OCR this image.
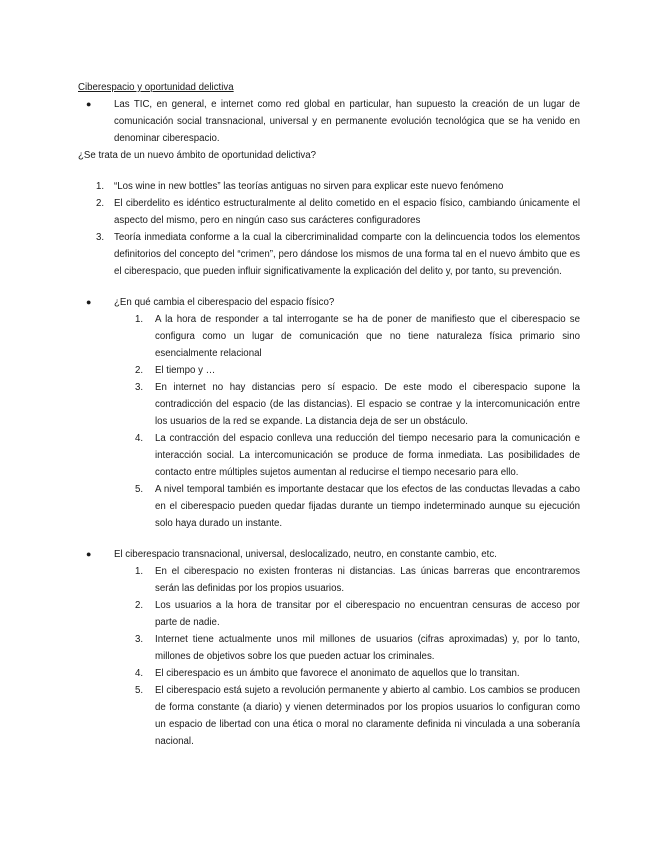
Ciberespacio y oportunidad delictiva

● Las TIC, en general, e internet como red global en particular, han supuesto la creación de un lugar de comunicación social transnacional, universal y en permanente evolución tecnológica que se ha venido en denominar ciberespacio.

¿Se trata de un nuevo ámbito de oportunidad delictiva?

1. “Los wine in new bottles” las teorías antiguas no sirven para explicar este nuevo fenómeno

2. El ciberdelito es idéntico estructuralmente al delito cometido en el espacio físico, cambiando únicamente el aspecto del mismo, pero en ningún caso sus carácteres configuradores

3. Teoría inmediata conforme a la cual la cibercriminalidad comparte con la delincuencia todos los elementos definitorios del concepto del “crimen”, pero dándose los mismos de una forma tal en el nuevo ámbito que es el ciberespacio, que pueden influir significativamente la explicación del delito y, por tanto, su prevención.

● ¿En qué cambia el ciberespacio del espacio físico?

1. A la hora de responder a tal interrogante se ha de poner de manifiesto que el ciberespacio se configura como un lugar de comunicación que no tiene naturaleza física primario sino esencialmente relacional

2. El tiempo y …

3. En internet no hay distancias pero sí espacio. De este modo el ciberespacio supone la contradicción del espacio (de las distancias). El espacio se contrae y la intercomunicación entre los usuarios de la red se expande. La distancia deja de ser un obstáculo.

4. La contracción del espacio conlleva una reducción del tiempo necesario para la comunicación e interacción social. La intercomunicación se produce de forma inmediata. Las posibilidades de contacto entre múltiples sujetos aumentan al reducirse el tiempo necesario para ello.

5. A nivel temporal también es importante destacar que los efectos de las conductas llevadas a cabo en el ciberespacio pueden quedar fijadas durante un tiempo indeterminado aunque su ejecución solo haya durado un instante.

● El ciberespacio transnacional, universal, deslocalizado, neutro, en constante cambio, etc.

1. En el ciberespacio no existen fronteras ni distancias. Las únicas barreras que encontraremos serán las definidas por los propios usuarios.

2. Los usuarios a la hora de transitar por el ciberespacio no encuentran censuras de acceso por parte de nadie.

3. Internet tiene actualmente unos mil millones de usuarios (cifras aproximadas) y, por lo tanto, millones de objetivos sobre los que pueden actuar los criminales.

4. El ciberespacio es un ámbito que favorece el anonimato de aquellos que lo transitan.

5. El ciberespacio está sujeto a revolución permanente y abierto al cambio. Los cambios se producen de forma constante (a diario) y vienen determinados por los propios usuarios lo configuran como un espacio de libertad con una ética o moral no claramente definida ni vinculada a una soberanía nacional.
